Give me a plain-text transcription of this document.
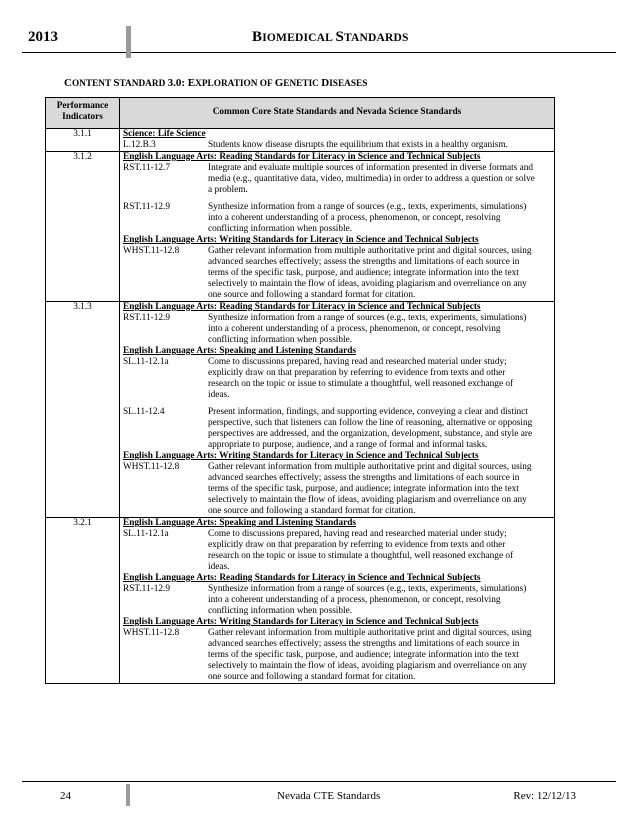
2013	BIOMEDICAL STANDARDS
CONTENT STANDARD 3.0: EXPLORATION OF GENETIC DISEASES
Performance
Indicators	Common Core State Standards and Nevada Science Standards
3.1.1	Science: Life Science
L.12.B.3	Students know disease disrupts the equilibrium that exists in a healthy organism.
3.1.2	English Language Arts: Reading Standards for Literacy in Science and Technical Subjects
RST.11-12.7	Integrate and evaluate multiple sources of information presented in diverse formats and
media (e.g., quantitative data, video, multimedia) in order to address a question or solve
a problem.
RST.11-12.9	Synthesize information from a range of sources (e.g., texts, experiments, simulations)
into a coherent understanding of a process, phenomenon, or concept, resolving
conflicting information when possible.
English Language Arts: Writing Standards for Literacy in Science and Technical Subjects
WHST.11-12.8	Gather relevant information from multiple authoritative print and digital sources, using
advanced searches effectively; assess the strengths and limitations of each source in
terms of the specific task, purpose, and audience; integrate information into the text
selectively to maintain the flow of ideas, avoiding plagiarism and overreliance on any
one source and following a standard format for citation.
3.1.3	English Language Arts: Reading Standards for Literacy in Science and Technical Subjects
RST.11-12.9	Synthesize information from a range of sources (e.g., texts, experiments, simulations)
into a coherent understanding of a process, phenomenon, or concept, resolving
conflicting information when possible.
English Language Arts: Speaking and Listening Standards
SL.11-12.1a	Come to discussions prepared, having read and researched material under study;
explicitly draw on that preparation by referring to evidence from texts and other
research on the topic or issue to stimulate a thoughtful, well reasoned exchange of
ideas.
SL.11-12.4	Present information, findings, and supporting evidence, conveying a clear and distinct
perspective, such that listeners can follow the line of reasoning, alternative or opposing
perspectives are addressed, and the organization, development, substance, and style are
appropriate to purpose, audience, and a range of formal and informal tasks.
English Language Arts: Writing Standards for Literacy in Science and Technical Subjects
WHST.11-12.8	Gather relevant information from multiple authoritative print and digital sources, using
advanced searches effectively; assess the strengths and limitations of each source in
terms of the specific task, purpose, and audience; integrate information into the text
selectively to maintain the flow of ideas, avoiding plagiarism and overreliance on any
one source and following a standard format for citation.
3.2.1	English Language Arts: Speaking and Listening Standards
SL.11-12.1a	Come to discussions prepared, having read and researched material under study;
explicitly draw on that preparation by referring to evidence from texts and other
research on the topic or issue to stimulate a thoughtful, well reasoned exchange of
ideas.
English Language Arts: Reading Standards for Literacy in Science and Technical Subjects
RST.11-12.9	Synthesize information from a range of sources (e.g., texts, experiments, simulations)
into a coherent understanding of a process, phenomenon, or concept, resolving
conflicting information when possible.
English Language Arts: Writing Standards for Literacy in Science and Technical Subjects
WHST.11-12.8	Gather relevant information from multiple authoritative print and digital sources, using
advanced searches effectively; assess the strengths and limitations of each source in
terms of the specific task, purpose, and audience; integrate information into the text
selectively to maintain the flow of ideas, avoiding plagiarism and overreliance on any
one source and following a standard format for citation.
24	Nevada CTE Standards	Rev: 12/12/13
